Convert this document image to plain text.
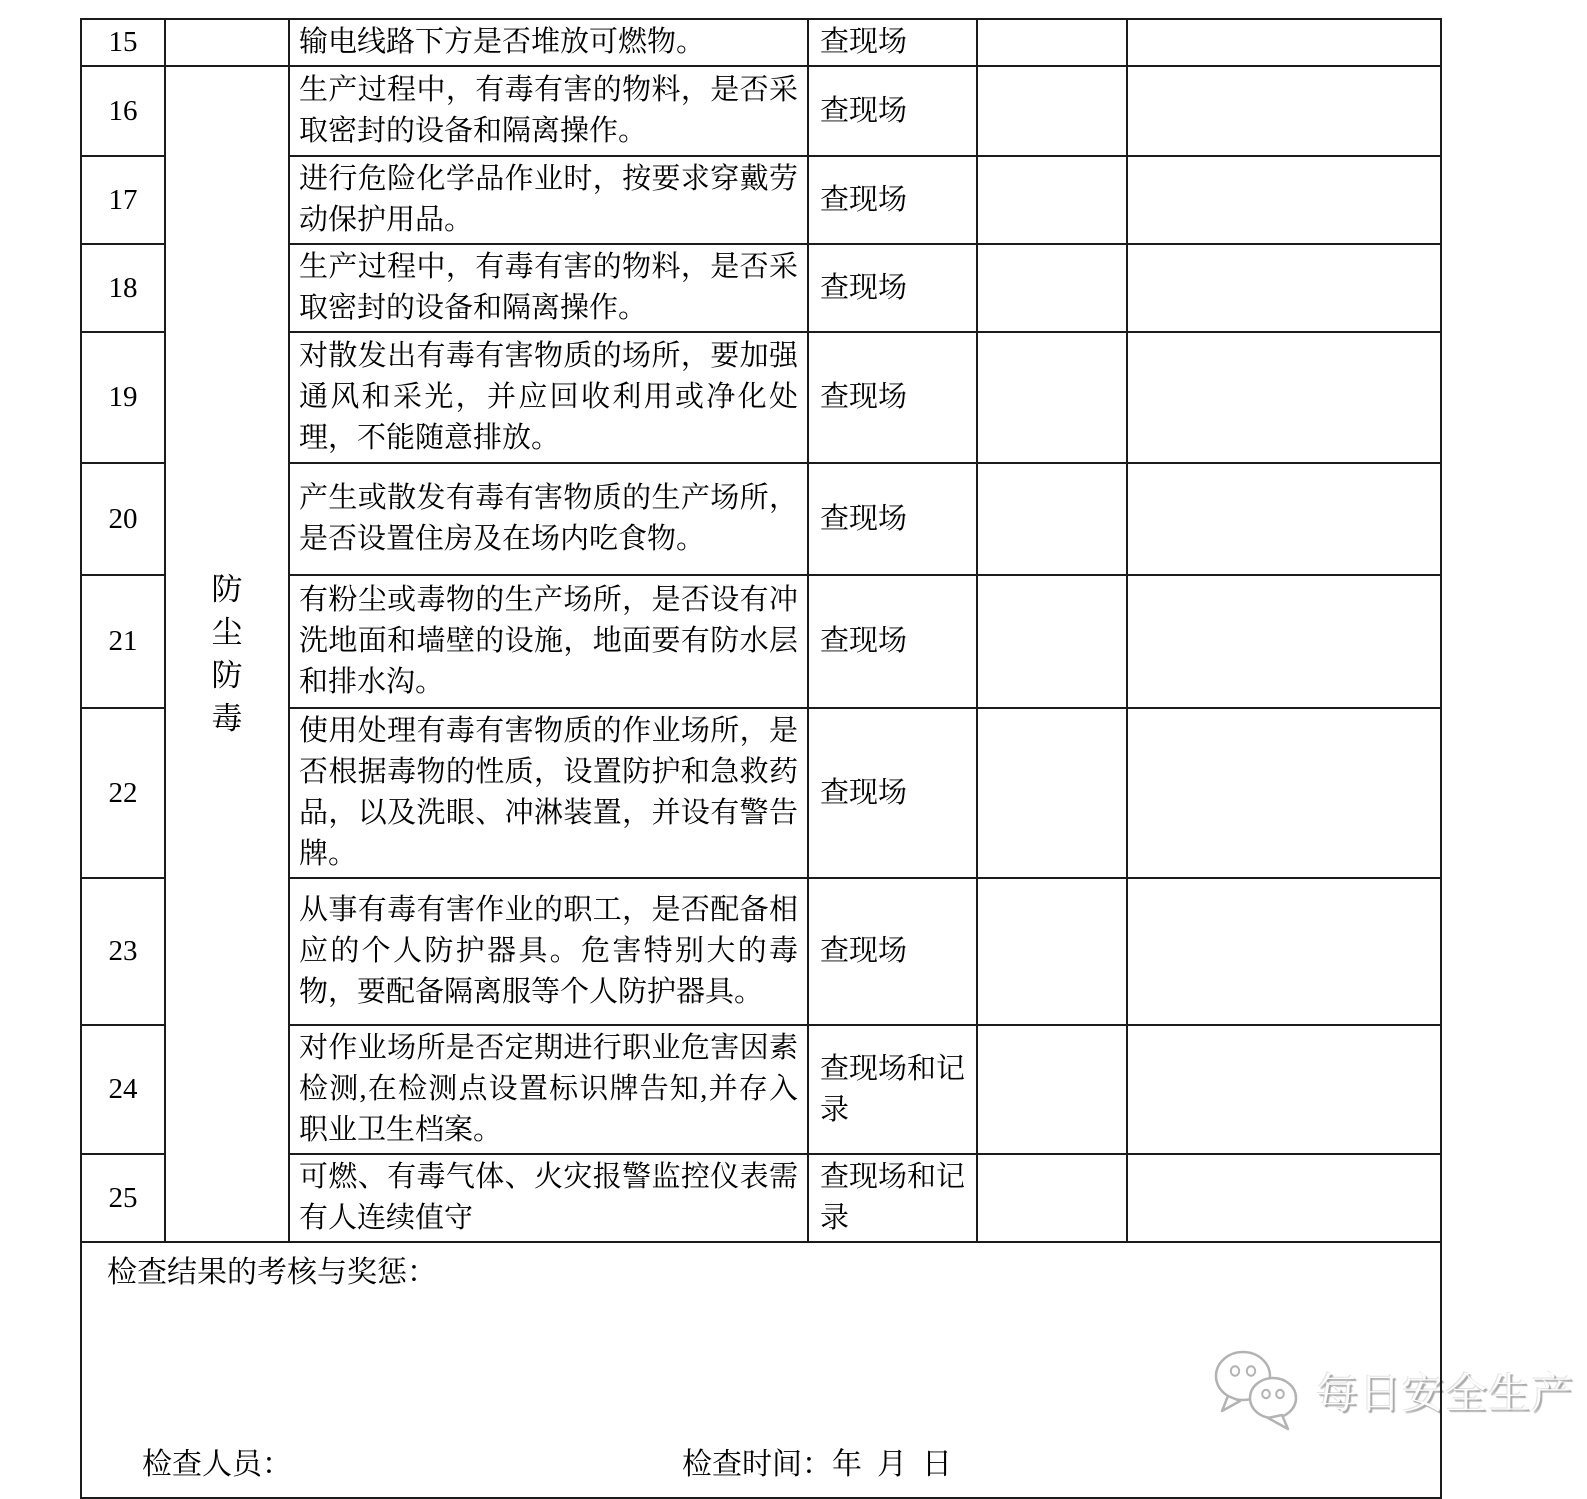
每日安全生产
15		输电线路下方是否堆放可燃物。	查现场		
16	防尘防毒	生产过程中，有毒有害的物料，是否采取密封的设备和隔离操作。	查现场		
17		进行危险化学品作业时，按要求穿戴劳动保护用品。	查现场		
18		生产过程中，有毒有害的物料，是否采取密封的设备和隔离操作。	查现场		
19		对散发出有毒有害物质的场所，要加强通风和采光，并应回收利用或净化处理，不能随意排放。	查现场		
20		产生或散发有毒有害物质的生产场所，是否设置住房及在场内吃食物。	查现场		
21		有粉尘或毒物的生产场所，是否设有冲洗地面和墙壁的设施，地面要有防水层和排水沟。	查现场		
22		使用处理有毒有害物质的作业场所，是否根据毒物的性质，设置防护和急救药品，以及洗眼、冲淋装置，并设有警告牌。	查现场		
23		从事有毒有害作业的职工，是否配备相应的个人防护器具。危害特别大的毒物，要配备隔离服等个人防护器具。	查现场		
24		对作业场所是否定期进行职业危害因素检测,在检测点设置标识牌告知,并存入职业卫生档案。	查现场和记录		
25		可燃、有毒气体、火灾报警监控仪表需有人连续值守	查现场和记录		

检查结果的考核与奖惩：
检查人员： 检查时间：年  月  日					
